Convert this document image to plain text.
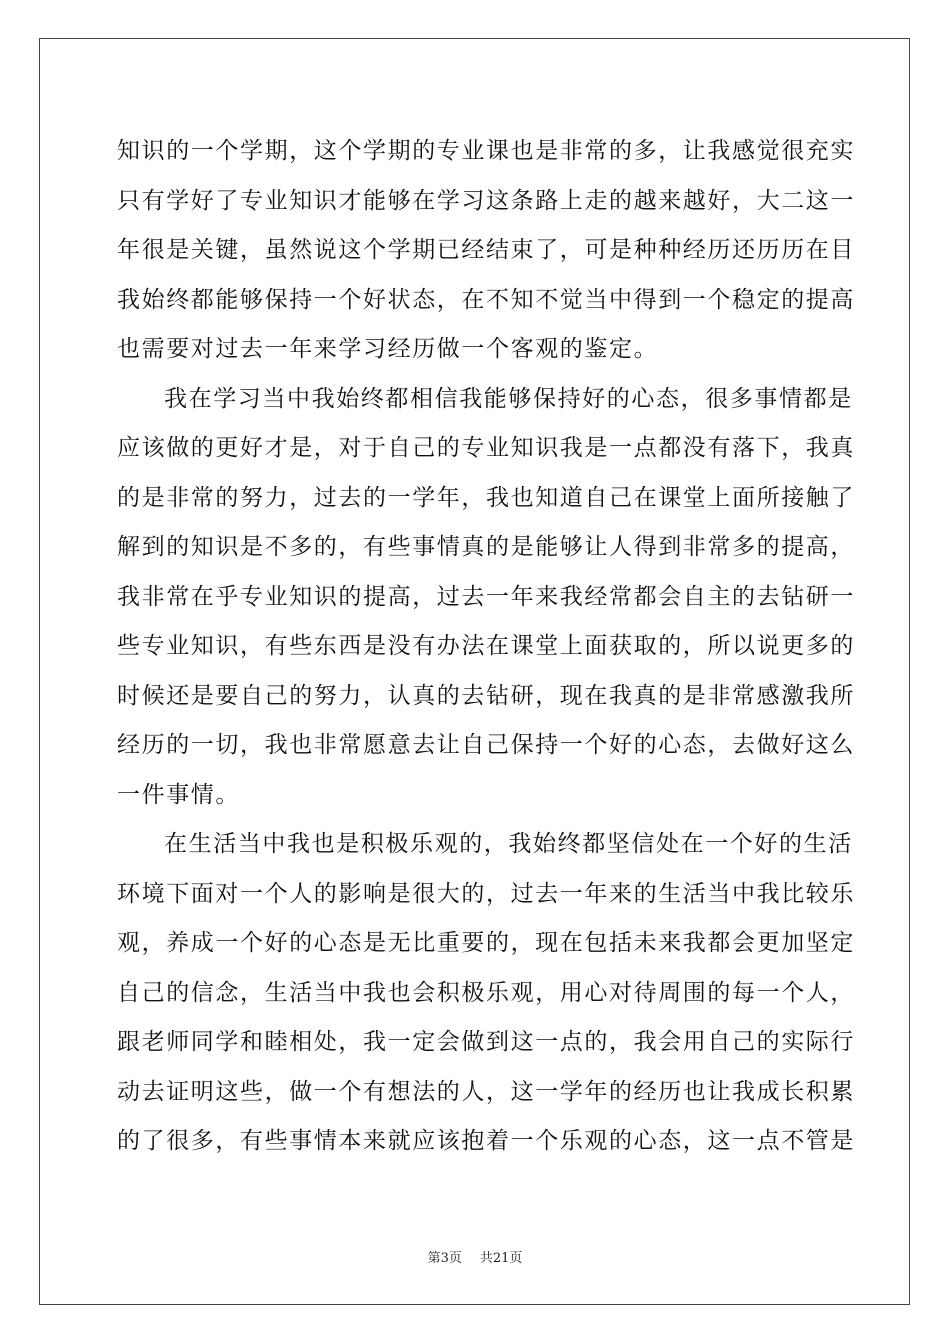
知识的一个学期，这个学期的专业课也是非常的多，让我感觉很充实
只有学好了专业知识才能够在学习这条路上走的越来越好，大二这一
年很是关键，虽然说这个学期已经结束了，可是种种经历还历历在目
我始终都能够保持一个好状态，在不知不觉当中得到一个稳定的提高
也需要对过去一年来学习经历做一个客观的鉴定。
我在学习当中我始终都相信我能够保持好的心态，很多事情都是
应该做的更好才是，对于自己的专业知识我是一点都没有落下，我真
的是非常的努力，过去的一学年，我也知道自己在课堂上面所接触了
解到的知识是不多的，有些事情真的是能够让人得到非常多的提高，
我非常在乎专业知识的提高，过去一年来我经常都会自主的去钻研一
些专业知识，有些东西是没有办法在课堂上面获取的，所以说更多的
时候还是要自己的努力，认真的去钻研，现在我真的是非常感激我所
经历的一切，我也非常愿意去让自己保持一个好的心态，去做好这么
一件事情。
在生活当中我也是积极乐观的，我始终都坚信处在一个好的生活
环境下面对一个人的影响是很大的，过去一年来的生活当中我比较乐
观，养成一个好的心态是无比重要的，现在包括未来我都会更加坚定
自己的信念，生活当中我也会积极乐观，用心对待周围的每一个人，
跟老师同学和睦相处，我一定会做到这一点的，我会用自己的实际行
动去证明这些，做一个有想法的人，这一学年的经历也让我成长积累
的了很多，有些事情本来就应该抱着一个乐观的心态，这一点不管是
第3页 共21页
